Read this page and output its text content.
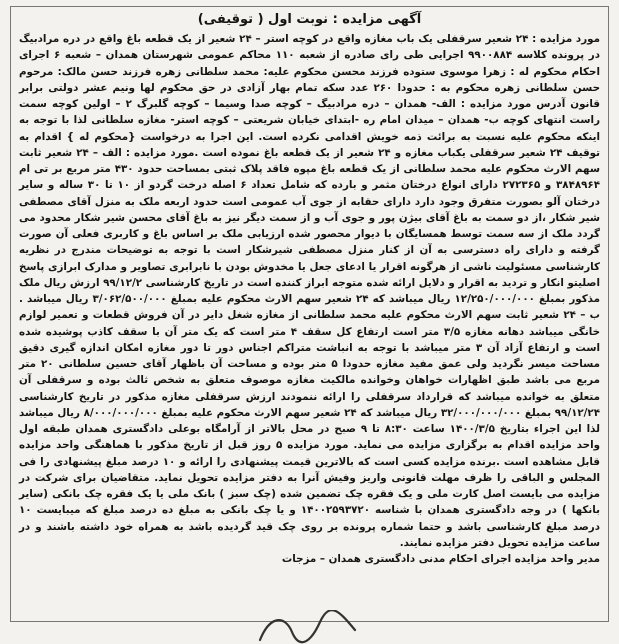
آگهی مزایده : نوبت اول ( توقیفی)

مورد مزایده : ۲۴ شعیر سرقفلی یک باب مغازه واقع در کوچه استر – ۲۴ شعیر از یک قطعه باغ واقع در دره مرادبیگ در پرونده کلاسه ۹۹۰۰۸۸۴ اجرایی طی رای صادره از شعبه ۱۱۰ محاکم عمومی شهرستان همدان – شعبه ۶ اجرای احکام محکوم له : زهرا موسوی ستوده فرزند محسن محکوم علیه: محمد سلطانی زهره فرزند حسن مالک: مرحوم حسن سلطانی زهره محکوم به : حدودا ۲۶۰ عدد سکه تمام بهار آزادی در حق محکوم لها ونیم عشر دولتی برابر قانون آدرس مورد مزایده : الف- همدان – دره مرادبیگ – کوچه صدا وسیما – کوچه گلبرگ ۲ – اولین کوچه سمت راست انتهای کوچه ب- همدان – میدان امام ره -ابتدای خیابان شریعتی – کوچه استر- مغازه سلطانی لذا با توجه به اینکه محکوم علیه نسبت به برائت ذمه خویش اقدامی نکرده است. این اجرا به درخواست {محکوم له } اقدام به توقیف ۲۴ شعیر سرقفلی یکباب مغازه و ۲۴ شعیر از یک قطعه باغ نموده است .مورد مزایده : الف – ۲۴ شعیر ثابت سهم الارث محکوم علیه محمد سلطانی از یک قطعه باغ مپوه فاقد پلاک ثبتی بمساحت حدود ۴۳۰ متر مربع بر تی ام ۳۸۴۸۹۶۴ و ۲۷۲۳۶۵ دارای انواع درختان مثمر و بارده که شامل تعداد ۶ اصله درخت گردو از ۱۰ تا ۳۰ ساله و سایر درختان آلو بصورت متفرق وجود دارد دارای حقابه از جوی آب عمومی است حدود اربعه ملک به منزل آقای مصطفی شیر شکار ،از دو سمت به باغ آقای بیژن پور و جوی آب و از سمت دیگر نیز به باغ آقای محسن شیر شکار محدود می گردد ملک از سه سمت توسط همسایگان با دیوار محصور شده ارزیابی ملک بر اساس باغ و کاربری فعلی آن صورت گرفته و دارای راه دسترسی به آن از کنار منزل مصطفی شیرشکار است با توجه به توضیحات مندرج در نظریه کارشناسی مسئولیت ناشی از هرگونه اقرار یا ادعای جعل یا مخدوش بودن با نابرابری تصاویر و مدارک ابرازی پاسخ اصلیتو انکار و تردید به اقرار و دلایل ارائه شده متوجه ابراز کننده است در تاریخ کارشناسی ۹۹/۱۲/۲ ارزش ریال ملک مذکور بمبلغ ۱۲/۲۵۰/۰۰۰/۰۰۰ ریال میباشد که ۲۴ شعیر سهم الارث محکوم علیه بمبلغ ۳/۰۶۲/۵۰۰/۰۰۰ ریال میباشد . ب – ۲۴ شعیر ثابت سهم الارث محکوم علیه محمد سلطانی از مغازه شغل دایر در آن فروش قطعات و تعمیر لوازم خانگی میباشد دهانه مغازه ۳/۵ متر است ارتفاع کل سقف ۴ متر است که یک متر آن با سقف کاذب پوشیده شده است و ارتفاع آزاد آن ۳ متر میباشد با توجه به انباشت متراکم اجناس دور تا دور مغازه امکان اندازه گیری دقیق مساحت میسر نگردید ولی عمق مفید مغازه حدودا ۵ متر بوده و مساحت آن باظهار آقای حسین سلطانی ۲۰ متر مربع می باشد طبق اظهارات خواهان وخوانده مالکیت مغازه موصوف متعلق به شخص ثالث بوده و سرقفلی آن متعلق به خوانده میباشد که قرارداد سرقفلی را ارائه ننمودند ارزش سرقفلی مغازه مذکور در تاریخ کارشناسی ۹۹/۱۲/۲۴ بمبلغ ۳۲/۰۰۰/۰۰۰/۰۰۰ ریال میباشد که ۲۴ شعیر سهم الارث محکوم علیه بمبلغ ۸/۰۰۰/۰۰۰/۰۰۰ ریال میباشد لذا این اجراء بتاریخ ۱۴۰۰/۳/۵ ساعت ۸:۳۰ تا ۹ صبح در محل بالاتر از آرامگاه بوعلی دادگستری همدان طبقه اول واحد مزایده اقدام به برگزاری مزایده می نماید. مورد مزایده ۵ روز قبل از تاریخ مذکور با هماهنگی واحد مزایده قابل مشاهده است .برنده مزایده کسی است که بالاترین قیمت پیشنهادی را ارائه و ۱۰ درصد مبلغ پیشنهادی را فی المجلس و الباقی را ظرف مهلت قانونی واریز وفیش آنرا به دفتر مزایده تحویل نماید. متقاضیان برای شرکت در مزایده می بایست اصل کارت ملی و یک فقره چک تضمین شده (چک سبز ) بانک ملی یا یک فقره چک بانکی (سایر بانکها ) در وجه دادگستری همدان با شناسه ۱۴۰۰۲۵۹۳۷۲۰ و یا چک بانکی به مبلغ ده درصد مبلغ که میبایست ۱۰ درصد مبلغ کارشناسی باشد و حتما شماره پرونده بر روی چک قید گردیده باشد به همراه خود داشته باشند و در ساعت مزایده تحویل دفتر مزایده نمایند.

مدیر واحد مزایده اجرای احکام مدنی دادگستری همدان – مزجات
